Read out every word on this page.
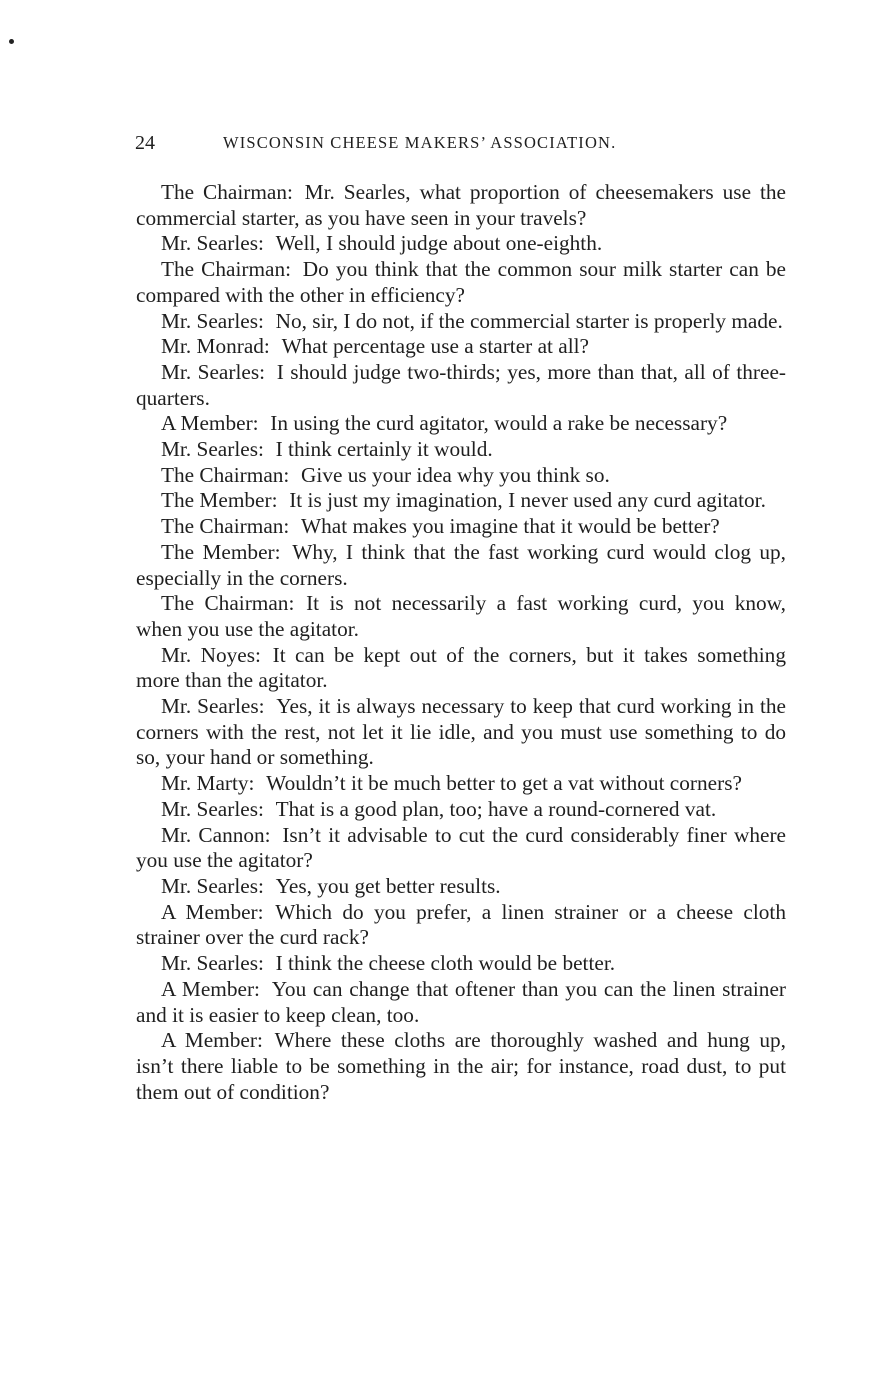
24	WISCONSIN CHEESE MAKERS’ ASSOCIATION.

The Chairman: Mr. Searles, what proportion of cheesemakers use the commercial starter, as you have seen in your travels?

Mr. Searles: Well, I should judge about one-eighth.

The Chairman: Do you think that the common sour milk starter can be compared with the other in efficiency?

Mr. Searles: No, sir, I do not, if the commercial starter is properly made.

Mr. Monrad: What percentage use a starter at all?

Mr. Searles: I should judge two-thirds; yes, more than that, all of three-quarters.

A Member: In using the curd agitator, would a rake be necessary?

Mr. Searles: I think certainly it would.

The Chairman: Give us your idea why you think so.

The Member: It is just my imagination, I never used any curd agitator.

The Chairman: What makes you imagine that it would be better?

The Member: Why, I think that the fast working curd would clog up, especially in the corners.

The Chairman: It is not necessarily a fast working curd, you know, when you use the agitator.

Mr. Noyes: It can be kept out of the corners, but it takes something more than the agitator.

Mr. Searles: Yes, it is always necessary to keep that curd working in the corners with the rest, not let it lie idle, and you must use something to do so, your hand or something.

Mr. Marty: Wouldn’t it be much better to get a vat without corners?

Mr. Searles: That is a good plan, too; have a round-cornered vat.

Mr. Cannon: Isn’t it advisable to cut the curd considerably finer where you use the agitator?

Mr. Searles: Yes, you get better results.

A Member: Which do you prefer, a linen strainer or a cheese cloth strainer over the curd rack?

Mr. Searles: I think the cheese cloth would be better.

A Member: You can change that oftener than you can the linen strainer and it is easier to keep clean, too.

A Member: Where these cloths are thoroughly washed and hung up, isn’t there liable to be something in the air; for instance, road dust, to put them out of condition?
